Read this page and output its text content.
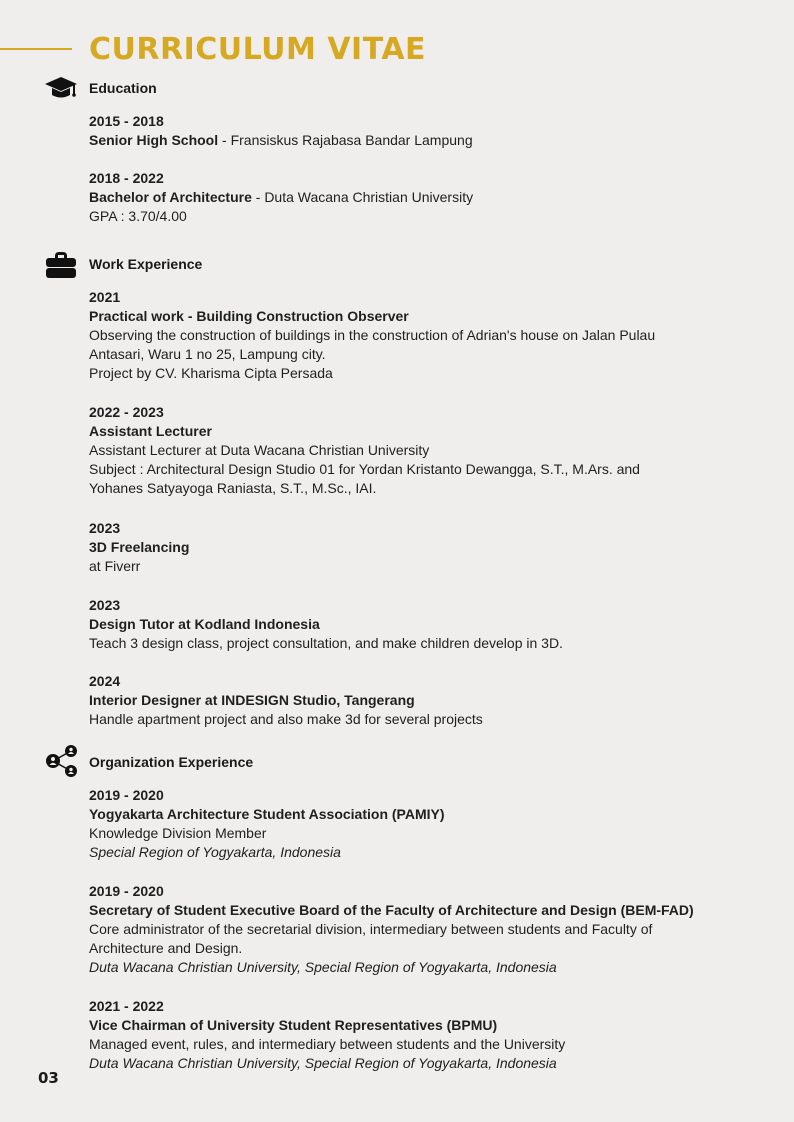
CURRICULUM VITAE
Education
2015 - 2018
Senior High School - Fransiskus Rajabasa Bandar Lampung
2018 - 2022
Bachelor of Architecture - Duta Wacana Christian University
GPA : 3.70/4.00
Work Experience
2021
Practical work - Building Construction Observer
Observing the construction of buildings in the construction of Adrian's house on Jalan Pulau
Antasari, Waru 1 no 25, Lampung city.
Project by CV. Kharisma Cipta Persada
2022 - 2023
Assistant Lecturer
Assistant Lecturer at Duta Wacana Christian University
Subject : Architectural Design Studio 01 for Yordan Kristanto Dewangga, S.T., M.Ars. and
Yohanes Satyayoga Raniasta, S.T., M.Sc., IAI.
2023
3D Freelancing
at Fiverr
2023
Design Tutor at Kodland Indonesia
Teach 3 design class, project consultation, and make children develop in 3D.
2024
Interior Designer at INDESIGN Studio, Tangerang
Handle apartment project and also make 3d for several projects
Organization Experience
2019 - 2020
Yogyakarta Architecture Student Association (PAMIY)
Knowledge Division Member
Special Region of Yogyakarta, Indonesia
2019 - 2020
Secretary of Student Executive Board of the Faculty of Architecture and Design (BEM-FAD)
Core administrator of the secretarial division, intermediary between students and Faculty of
Architecture and Design.
Duta Wacana Christian University, Special Region of Yogyakarta, Indonesia
2021 - 2022
Vice Chairman of University Student Representatives (BPMU)
Managed event, rules, and intermediary between students and the University
Duta Wacana Christian University, Special Region of Yogyakarta, Indonesia
03
